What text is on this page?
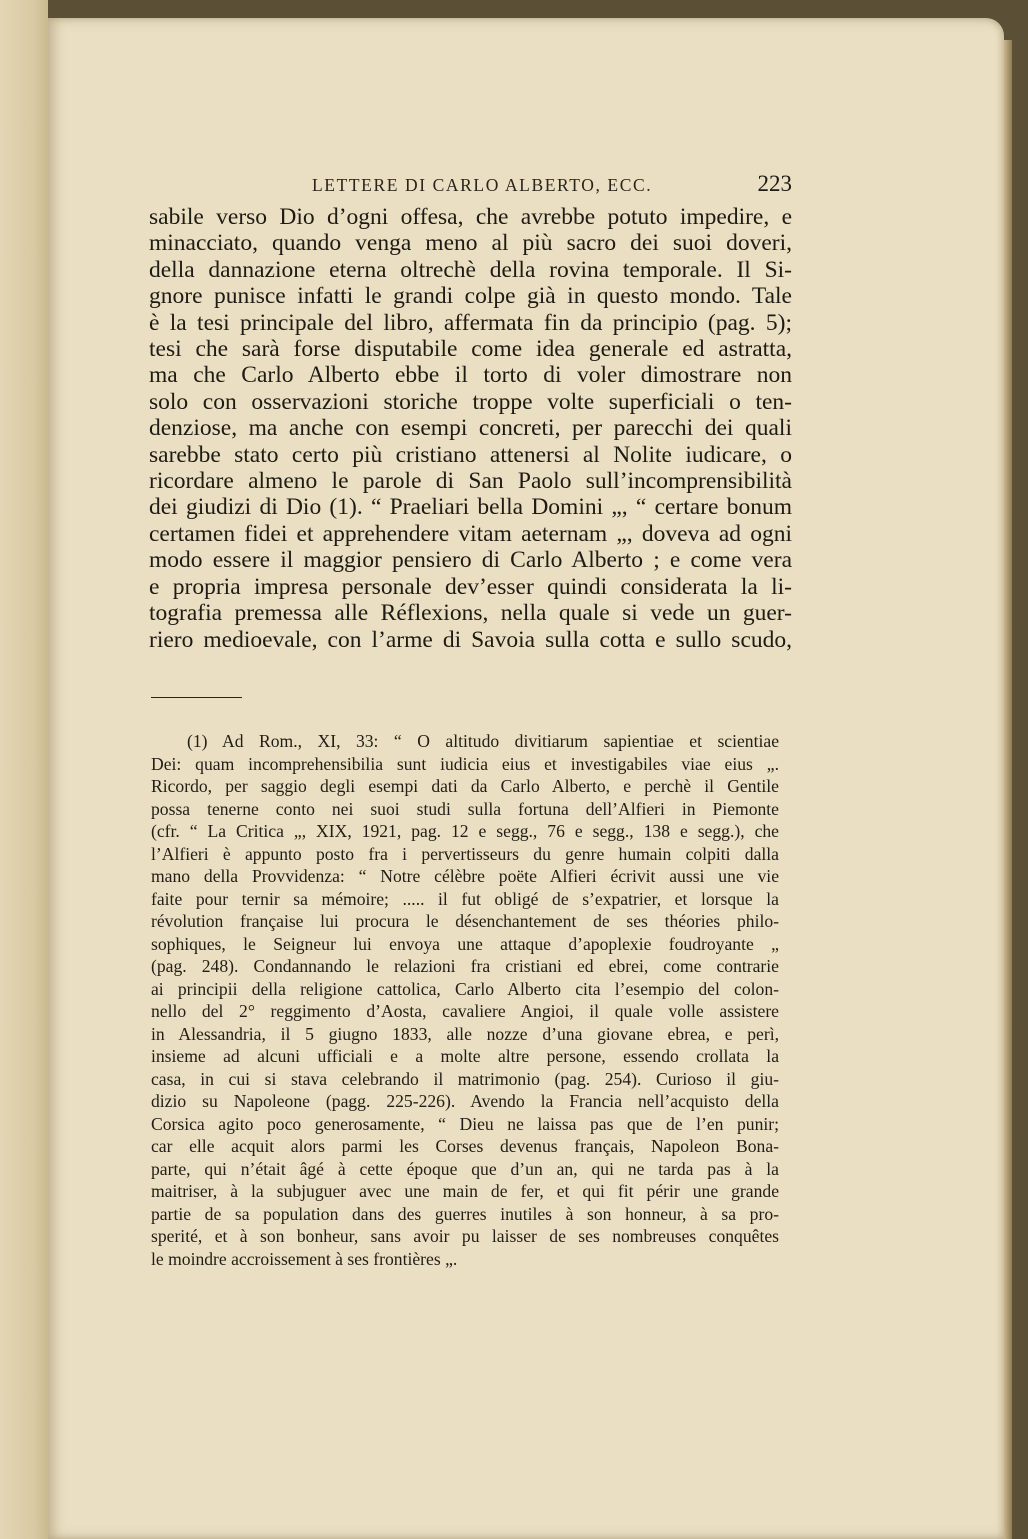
LETTERE DI CARLO ALBERTO, ECC.	223
sabile verso Dio d’ogni offesa, che avrebbe potuto impedire, e
minacciato, quando venga meno al più sacro dei suoi doveri,
della dannazione eterna oltrechè della rovina temporale. Il Si-
gnore punisce infatti le grandi colpe già in questo mondo. Tale
è la tesi principale del libro, affermata fin da principio (pag. 5);
tesi che sarà forse disputabile come idea generale ed astratta,
ma che Carlo Alberto ebbe il torto di voler dimostrare non
solo con osservazioni storiche troppe volte superficiali o ten-
denziose, ma anche con esempi concreti, per parecchi dei quali
sarebbe stato certo più cristiano attenersi al Nolite iudicare, o
ricordare almeno le parole di San Paolo sull’incomprensibilità
dei giudizi di Dio (1). “ Praeliari bella Domini „, “ certare bonum
certamen fidei et apprehendere vitam aeternam „, doveva ad ogni
modo essere il maggior pensiero di Carlo Alberto ; e come vera
e propria impresa personale dev’esser quindi considerata la li-
tografia premessa alle Réflexions, nella quale si vede un guer-
riero medioevale, con l’arme di Savoia sulla cotta e sullo scudo,
(1) Ad Rom., XI, 33: “ O altitudo divitiarum sapientiae et scientiae
Dei: quam incomprehensibilia sunt iudicia eius et investigabiles viae eius „.
Ricordo, per saggio degli esempi dati da Carlo Alberto, e perchè il Gentile
possa tenerne conto nei suoi studi sulla fortuna dell’Alfieri in Piemonte
(cfr. “ La Critica „, XIX, 1921, pag. 12 e segg., 76 e segg., 138 e segg.), che
l’Alfieri è appunto posto fra i pervertisseurs du genre humain colpiti dalla
mano della Provvidenza: “ Notre célèbre poëte Alfieri écrivit aussi une vie
faite pour ternir sa mémoire; ..... il fut obligé de s’expatrier, et lorsque la
révolution française lui procura le désenchantement de ses théories philo-
sophiques, le Seigneur lui envoya une attaque d’apoplexie foudroyante „
(pag. 248). Condannando le relazioni fra cristiani ed ebrei, come contrarie
ai principii della religione cattolica, Carlo Alberto cita l’esempio del colon-
nello del 2° reggimento d’Aosta, cavaliere Angioi, il quale volle assistere
in Alessandria, il 5 giugno 1833, alle nozze d’una giovane ebrea, e perì,
insieme ad alcuni ufficiali e a molte altre persone, essendo crollata la
casa, in cui si stava celebrando il matrimonio (pag. 254). Curioso il giu-
dizio su Napoleone (pagg. 225-226). Avendo la Francia nell’acquisto della
Corsica agito poco generosamente, “ Dieu ne laissa pas que de l’en punir;
car elle acquit alors parmi les Corses devenus français, Napoleon Bona-
parte, qui n’était âgé à cette époque que d’un an, qui ne tarda pas à la
maitriser, à la subjuguer avec une main de fer, et qui fit périr une grande
partie de sa population dans des guerres inutiles à son honneur, à sa pro-
sperité, et à son bonheur, sans avoir pu laisser de ses nombreuses conquêtes
le moindre accroissement à ses frontières „.
